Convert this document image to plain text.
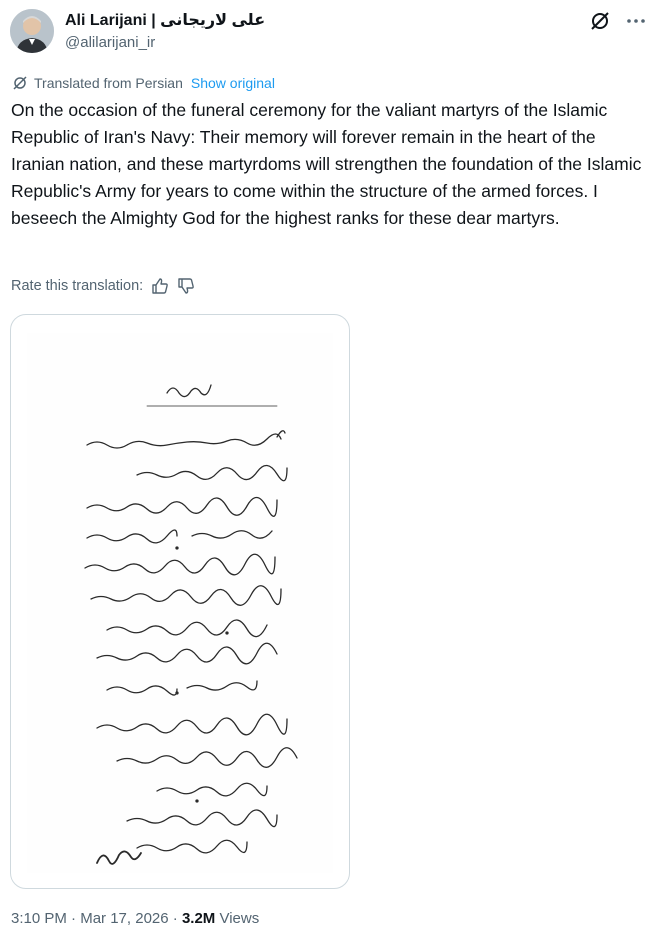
Ali Larijani | علی لاریجانی
@alilarijani_ir
Translated from Persian Show original
On the occasion of the funeral ceremony for the valiant martyrs of the Islamic Republic of Iran's Navy: Their memory will forever remain in the heart of the Iranian nation, and these martyrdoms will strengthen the foundation of the Islamic Republic's Army for years to come within the structure of the armed forces. I beseech the Almighty God for the highest ranks for these dear martyrs.
Rate this translation:
3:10 PM · Mar 17, 2026 · 3.2M Views
